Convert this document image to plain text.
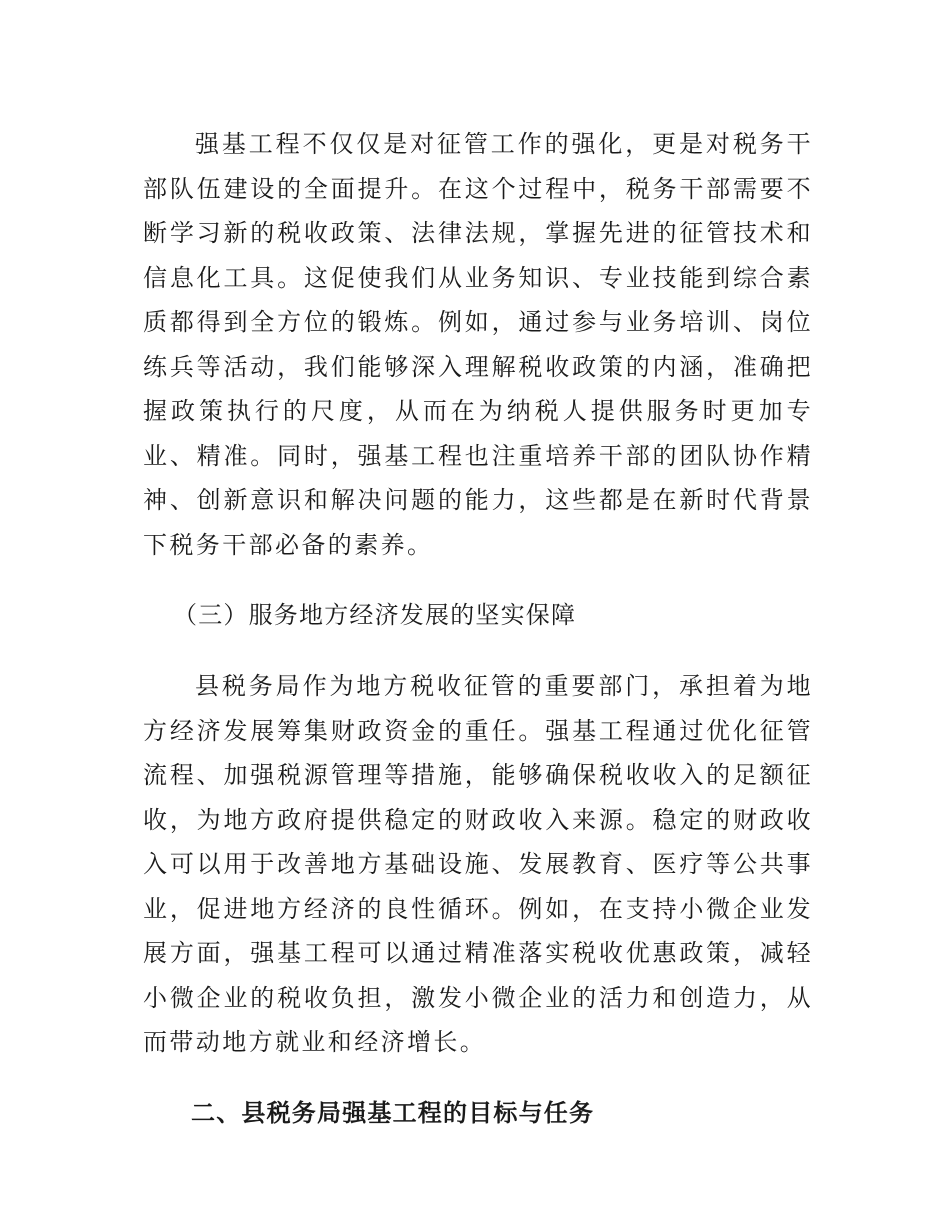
强基工程不仅仅是对征管工作的强化，更是对税务干部队伍建设的全面提升。在这个过程中，税务干部需要不断学习新的税收政策、法律法规，掌握先进的征管技术和信息化工具。这促使我们从业务知识、专业技能到综合素质都得到全方位的锻炼。例如，通过参与业务培训、岗位练兵等活动，我们能够深入理解税收政策的内涵，准确把握政策执行的尺度，从而在为纳税人提供服务时更加专业、精准。同时，强基工程也注重培养干部的团队协作精神、创新意识和解决问题的能力，这些都是在新时代背景下税务干部必备的素养。

（三）服务地方经济发展的坚实保障

县税务局作为地方税收征管的重要部门，承担着为地方经济发展筹集财政资金的重任。强基工程通过优化征管流程、加强税源管理等措施，能够确保税收收入的足额征收，为地方政府提供稳定的财政收入来源。稳定的财政收入可以用于改善地方基础设施、发展教育、医疗等公共事业，促进地方经济的良性循环。例如，在支持小微企业发展方面，强基工程可以通过精准落实税收优惠政策，减轻小微企业的税收负担，激发小微企业的活力和创造力，从而带动地方就业和经济增长。

二、县税务局强基工程的目标与任务
